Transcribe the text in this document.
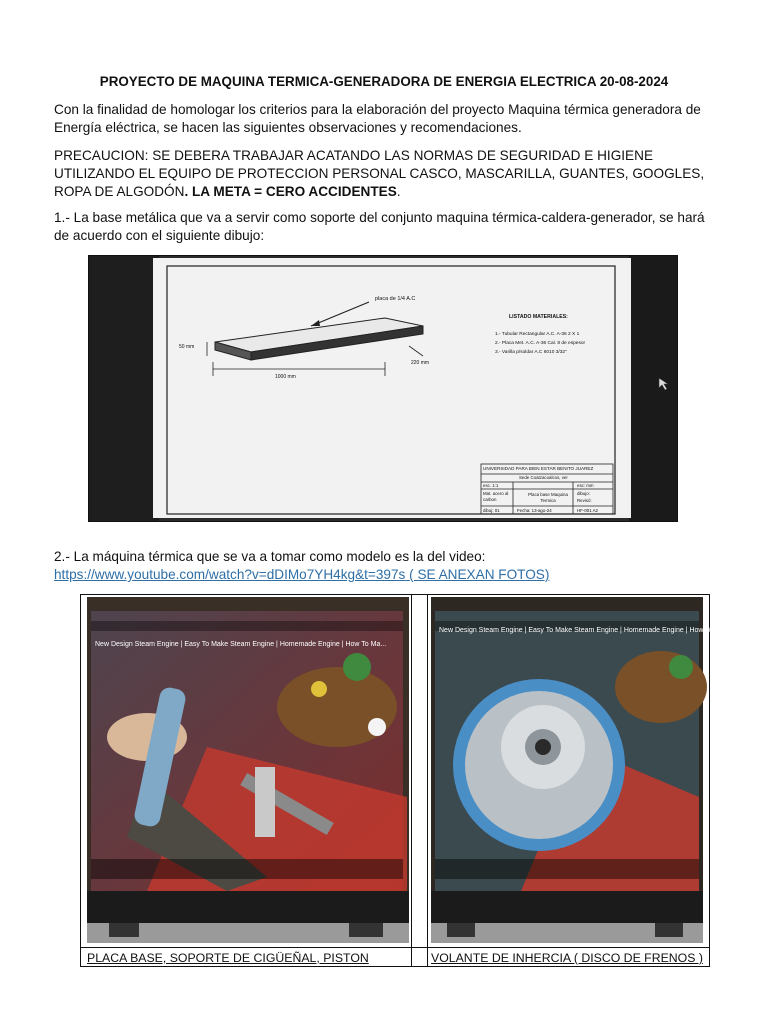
PROYECTO DE MAQUINA TERMICA-GENERADORA DE ENERGIA ELECTRICA 20-08-2024
Con la finalidad de homologar los criterios para la elaboración del proyecto Maquina térmica generadora de Energía eléctrica, se hacen las siguientes observaciones y recomendaciones.
PRECAUCION: SE DEBERA TRABAJAR ACATANDO LAS NORMAS DE SEGURIDAD E HIGIENE UTILIZANDO EL EQUIPO DE PROTECCION PERSONAL CASCO, MASCARILLA, GUANTES, GOOGLES, ROPA DE ALGODÓN. LA META = CERO ACCIDENTES.
1.- La base metálica que va a servir como soporte del conjunto maquina térmica-caldera-generador, se hará de acuerdo con el siguiente dibujo:
placa de 1/4 A.C
50 mm
1000 mm
220 mm
LISTADO MATERIALES:
1.- Tubular Rectangular A.C. A-36 2 X 1
2.- Placa Met. A.C. A-36 Cal. 8 de espesor
3.- Varilla p/soldar A.C 6010 3/32"
UNIVERSIDAD PARA BIEN ESTAR BENITO JUAREZ
Sede Coatzacoalcos, ver
esc. 1:1	esc: mm
Mat. acero al carbon
Placa base Maquina Termica
dibujo:
Revisó:
dibuj: 01	Fecha: 13-ago-24	HF-001 A2
2.- La máquina térmica que se va a tomar como modelo es la del video:
https://www.youtube.com/watch?v=dDIMo7YH4kg&t=397s ( SE ANEXAN FOTOS)
New Design Steam Engine | Easy To Make Steam Engine | Homemade Engine | How To Ma...
PLACA BASE, SOPORTE DE CIGÜEÑAL, PISTON
New Design Steam Engine | Easy To Make Steam Engine | Homemade Engine | How To Ma...
VOLANTE DE INHERCIA ( DISCO DE FRENOS )
